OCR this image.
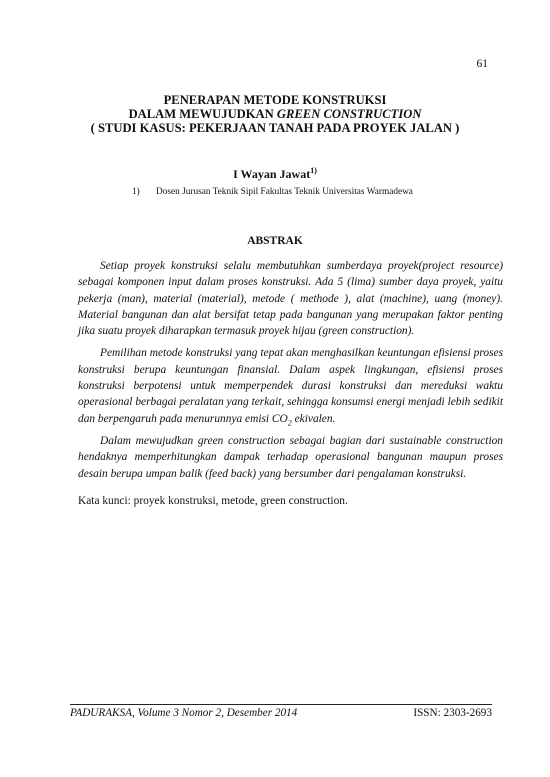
61
PENERAPAN METODE KONSTRUKSI
DALAM MEWUJUDKAN GREEN CONSTRUCTION
( STUDI KASUS: PEKERJAAN TANAH PADA PROYEK JALAN )
I Wayan Jawat$^{1)}$
1) Dosen Jurusan Teknik Sipil Fakultas Teknik Universitas Warmadewa
ABSTRAK

Setiap proyek konstruksi selalu membutuhkan sumberdaya proyek(project resource) sebagai komponen input dalam proses konstruksi. Ada 5 (lima) sumber daya proyek, yaitu pekerja (man), material (material), metode ( methode ), alat (machine), uang (money). Material bangunan dan alat bersifat tetap pada bangunan yang merupakan faktor penting jika suatu proyek diharapkan termasuk proyek hijau (green construction).

Pemilihan metode konstruksi yang tepat akan menghasilkan keuntungan efisiensi proses konstruksi berupa keuntungan finansial. Dalam aspek lingkungan, efisiensi proses konstruksi berpotensi untuk memperpendek durasi konstruksi dan mereduksi waktu operasional berbagai peralatan yang terkait, sehingga konsumsi energi menjadi lebih sedikit dan berpengaruh pada menurunnya emisi $CO_2$ ekivalen.

Dalam mewujudkan green construction sebagai bagian dari sustainable construction hendaknya memperhitungkan dampak terhadap operasional bangunan maupun proses desain berupa umpan balik (feed back) yang bersumber dari pengalaman konstruksi.

Kata kunci: proyek konstruksi, metode, green construction.
PADURAKSA, Volume 3 Nomor 2, Desember 2014	ISSN: 2303-2693
